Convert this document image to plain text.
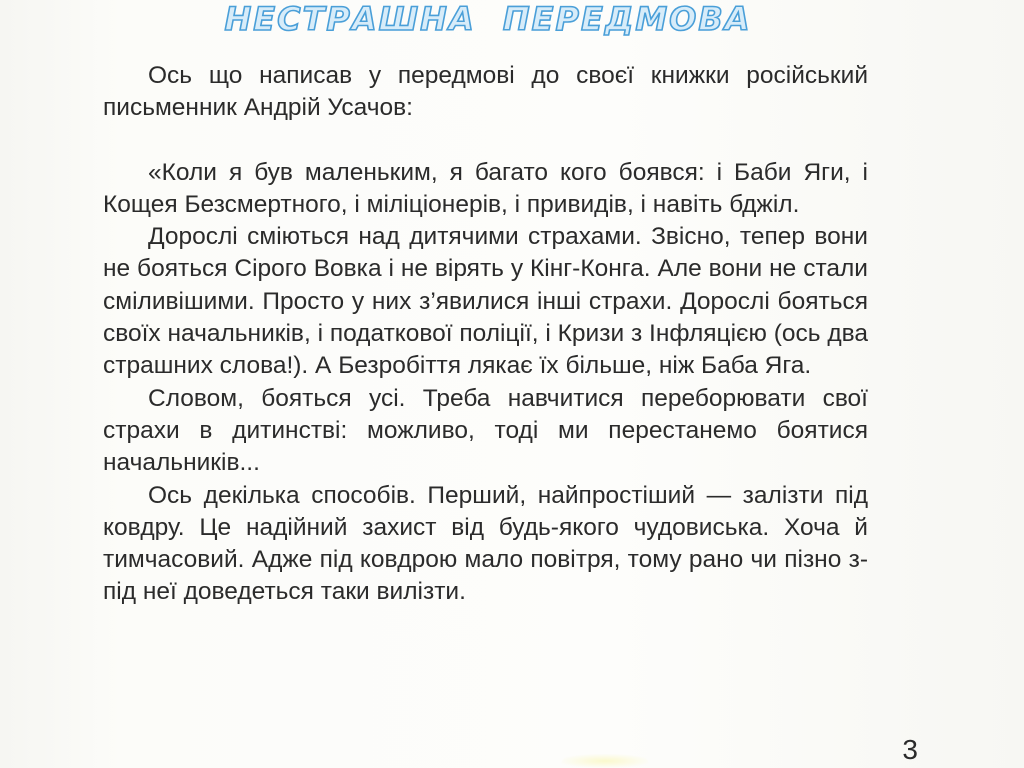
НЕСТРАШНА ПЕРЕДМОВА

Ось що написав у передмові до своєї книжки російський письменник Андрій Усачов:

«Коли я був маленьким, я багато кого боявся: і Баби Яги, і Кощея Безсмертного, і міліціонерів, і привидів, і навіть бджіл.

Дорослі сміються над дитячими страхами. Звісно, тепер вони не бояться Сірого Вовка і не вірять у Кінг-Конга. Але вони не стали сміливішими. Просто у них з’явилися інші страхи. Дорослі бояться своїх начальників, і податкової поліції, і Кризи з Інфляцією (ось два страшних слова!). А Безробіття лякає їх більше, ніж Баба Яга.

Словом, бояться усі. Треба навчитися переборювати свої страхи в дитинстві: можливо, тоді ми перестанемо боятися начальників...

Ось декілька способів. Перший, найпростіший — залізти під ковдру. Це надійний захист від будь-якого чудовиська. Хоча й тимчасовий. Адже під ковдрою мало повітря, тому рано чи пізно з-під неї доведеться таки вилізти.

3
